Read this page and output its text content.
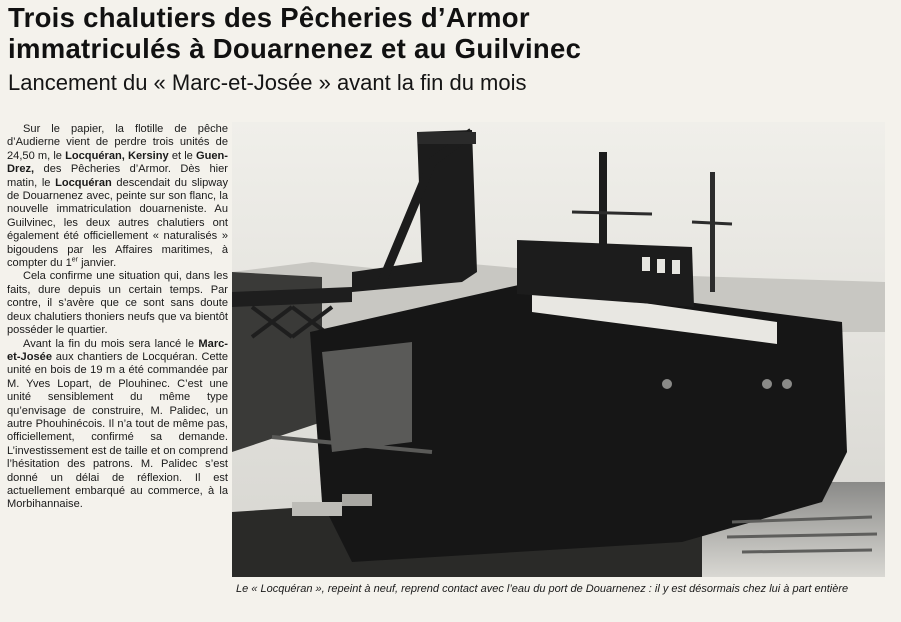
Trois chalutiers des Pêcheries d’Armor
immatriculés à Douarnenez et au Guilvinec
Lancement du « Marc-et-Josée » avant la fin du mois

Sur le papier, la flotille de pêche d’Audierne vient de perdre trois unités de 24,50 m, le Locquéran, Kersiny et le Guen-Drez, des Pêcheries d’Armor. Dès hier matin, le Locquéran descendait du slipway de Douarnenez avec, peinte sur son flanc, la nouvelle immatriculation douarneniste. Au Guilvinec, les deux autres chalutiers ont également été officiellement « naturalisés » bigoudens par les Affaires maritimes, à compter du 1er janvier.

Cela confirme une situation qui, dans les faits, dure depuis un certain temps. Par contre, il s’avère que ce sont sans doute deux chalutiers thoniers neufs que va bientôt posséder le quartier.

Avant la fin du mois sera lancé le Marc-et-Josée aux chantiers de Locquéran. Cette unité en bois de 19 m a été commandée par M. Yves Lopart, de Plouhinec. C’est une unité sensiblement du même type qu’envisage de construire, M. Palidec, un autre Phouhinécois. Il n’a tout de même pas, officiellement, confirmé sa demande. L’investissement est de taille et on comprend l’hésitation des patrons. M. Palidec s’est donné un délai de réflexion. Il est actuellement embarqué au commerce, à la Morbihannaise.

Le « Locquéran », repeint à neuf, reprend contact avec l’eau du port de Douarnenez : il y est désormais chez lui à part entière
